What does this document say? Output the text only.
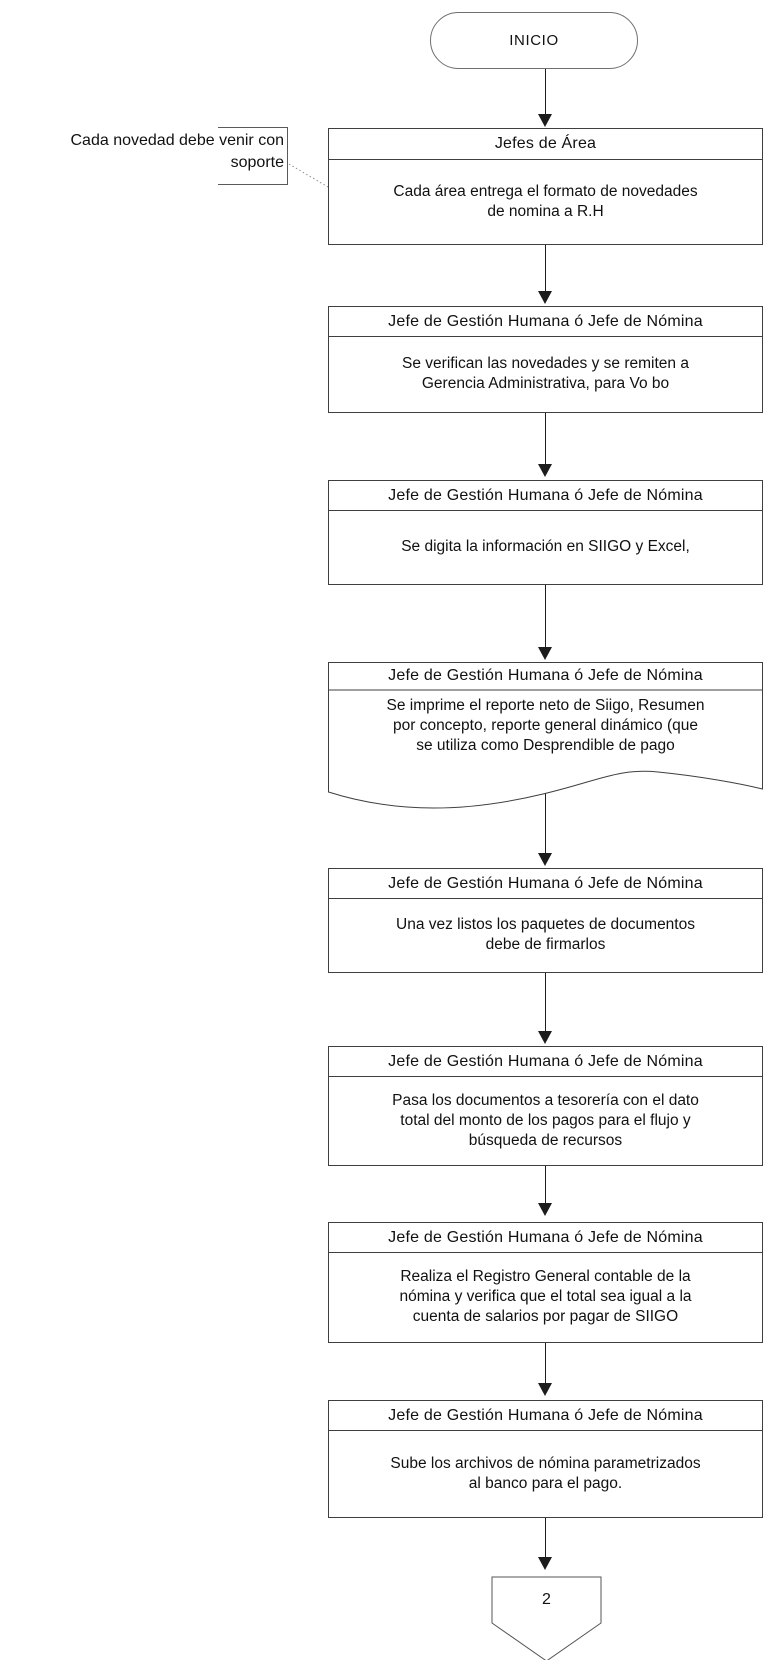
INICIO
Cada novedad debe venir con
soporte
Jefes de Área
Cada área entrega el formato de novedades
de nomina a R.H
Jefe de Gestión Humana ó Jefe de Nómina
Se verifican las novedades y se remiten a
Gerencia Administrativa, para Vo bo
Jefe de Gestión Humana ó Jefe de Nómina
Se digita la información en SIIGO y Excel,
Jefe de Gestión Humana ó Jefe de Nómina
Se imprime el reporte neto de Siigo, Resumen
por concepto, reporte general dinámico (que
se utiliza como Desprendible de pago
Jefe de Gestión Humana ó Jefe de Nómina
Una vez listos los paquetes de documentos
debe de firmarlos
Jefe de Gestión Humana ó Jefe de Nómina
Pasa los documentos a tesorería con el dato
total del monto de los pagos para el flujo y
búsqueda de recursos
Jefe de Gestión Humana ó Jefe de Nómina
Realiza el Registro General contable de la
nómina y verifica que el total sea igual a la
cuenta de salarios por pagar de SIIGO
Jefe de Gestión Humana ó Jefe de Nómina
Sube los archivos de nómina parametrizados
al banco para el pago.
2
